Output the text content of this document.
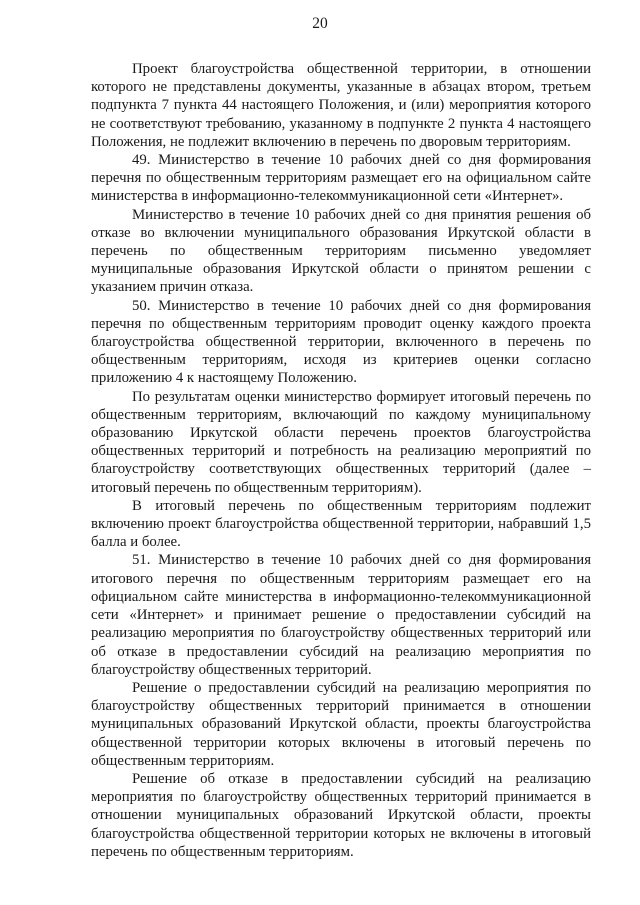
20

Проект благоустройства общественной территории, в отношении которого не представлены документы, указанные в абзацах втором, третьем подпункта 7 пункта 44 настоящего Положения, и (или) мероприятия которого не соответствуют требованию, указанному в подпункте 2 пункта 4 настоящего Положения, не подлежит включению в перечень по дворовым территориям.

49. Министерство в течение 10 рабочих дней со дня формирования перечня по общественным территориям размещает его на официальном сайте министерства в информационно-телекоммуникационной сети «Интернет».

Министерство в течение 10 рабочих дней со дня принятия решения об отказе во включении муниципального образования Иркутской области в перечень по общественным территориям письменно уведомляет муниципальные образования Иркутской области о принятом решении с указанием причин отказа.

50. Министерство в течение 10 рабочих дней со дня формирования перечня по общественным территориям проводит оценку каждого проекта благоустройства общественной территории, включенного в перечень по общественным территориям, исходя из критериев оценки согласно приложению 4 к настоящему Положению.

По результатам оценки министерство формирует итоговый перечень по общественным территориям, включающий по каждому муниципальному образованию Иркутской области перечень проектов благоустройства общественных территорий и потребность на реализацию мероприятий по благоустройству соответствующих общественных территорий (далее – итоговый перечень по общественным территориям).

В итоговый перечень по общественным территориям подлежит включению проект благоустройства общественной территории, набравший 1,5 балла и более.

51. Министерство в течение 10 рабочих дней со дня формирования итогового перечня по общественным территориям размещает его на официальном сайте министерства в информационно-телекоммуникационной сети «Интернет» и принимает решение о предоставлении субсидий на реализацию мероприятия по благоустройству общественных территорий или об отказе в предоставлении субсидий на реализацию мероприятия по благоустройству общественных территорий.

Решение о предоставлении субсидий на реализацию мероприятия по благоустройству общественных территорий принимается в отношении муниципальных образований Иркутской области, проекты благоустройства общественной территории которых включены в итоговый перечень по общественным территориям.

Решение об отказе в предоставлении субсидий на реализацию мероприятия по благоустройству общественных территорий принимается в отношении муниципальных образований Иркутской области, проекты благоустройства общественной территории которых не включены в итоговый перечень по общественным территориям.
